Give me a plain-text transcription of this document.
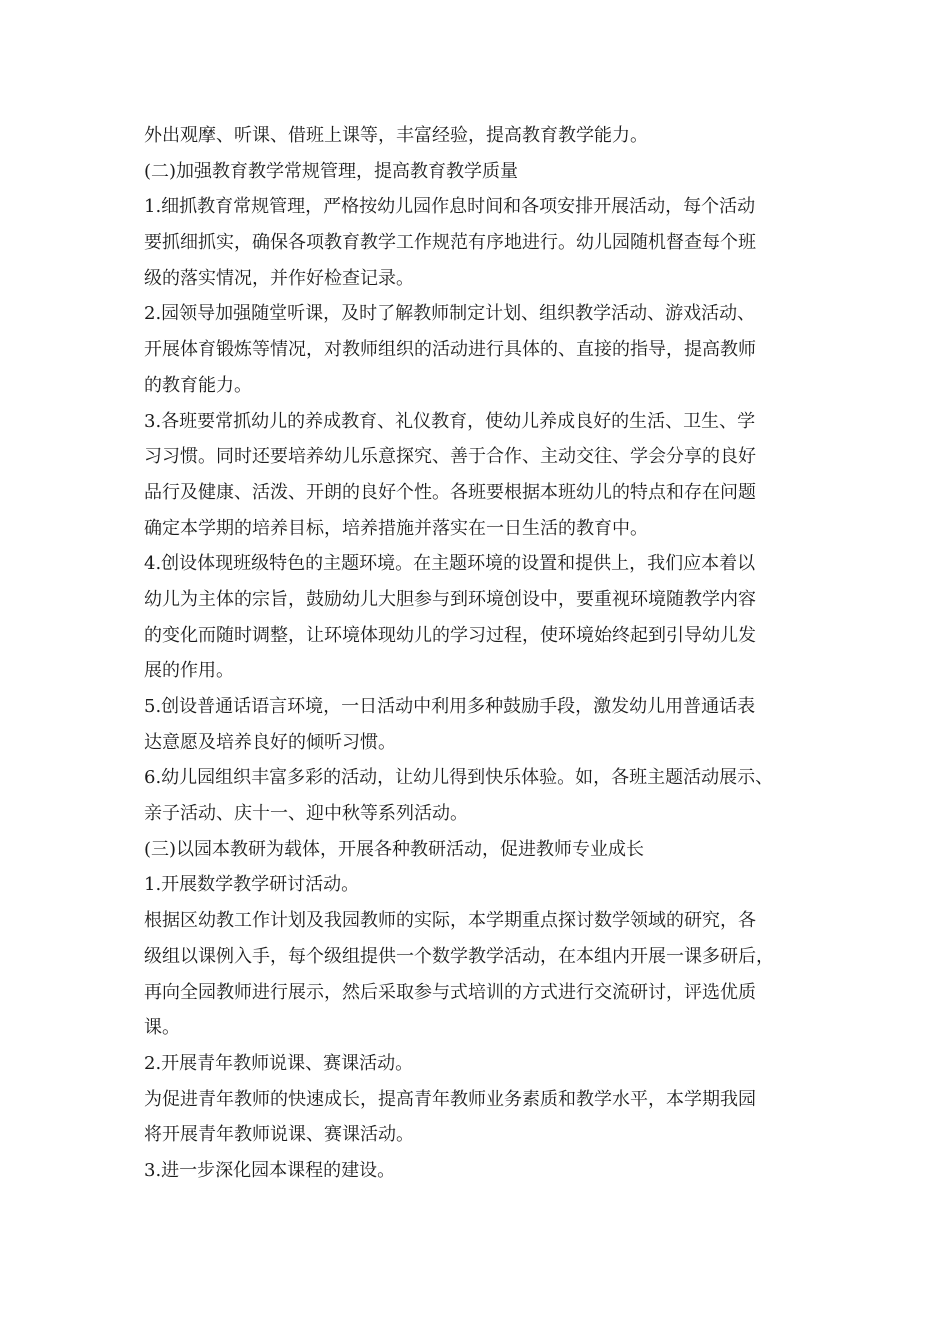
外出观摩、听课、借班上课等，丰富经验，提高教育教学能力。
(二)加强教育教学常规管理，提高教育教学质量
1.细抓教育常规管理，严格按幼儿园作息时间和各项安排开展活动，每个活动
要抓细抓实，确保各项教育教学工作规范有序地进行。幼儿园随机督查每个班
级的落实情况，并作好检查记录。
2.园领导加强随堂听课，及时了解教师制定计划、组织教学活动、游戏活动、
开展体育锻炼等情况，对教师组织的活动进行具体的、直接的指导，提高教师
的教育能力。
3.各班要常抓幼儿的养成教育、礼仪教育，使幼儿养成良好的生活、卫生、学
习习惯。同时还要培养幼儿乐意探究、善于合作、主动交往、学会分享的良好
品行及健康、活泼、开朗的良好个性。各班要根据本班幼儿的特点和存在问题
确定本学期的培养目标，培养措施并落实在一日生活的教育中。
4.创设体现班级特色的主题环境。在主题环境的设置和提供上，我们应本着以
幼儿为主体的宗旨，鼓励幼儿大胆参与到环境创设中，要重视环境随教学内容
的变化而随时调整，让环境体现幼儿的学习过程，使环境始终起到引导幼儿发
展的作用。
5.创设普通话语言环境，一日活动中利用多种鼓励手段，激发幼儿用普通话表
达意愿及培养良好的倾听习惯。
6.幼儿园组织丰富多彩的活动，让幼儿得到快乐体验。如，各班主题活动展示、
亲子活动、庆十一、迎中秋等系列活动。
(三)以园本教研为载体，开展各种教研活动，促进教师专业成长
1.开展数学教学研讨活动。
根据区幼教工作计划及我园教师的实际，本学期重点探讨数学领域的研究，各
级组以课例入手，每个级组提供一个数学教学活动，在本组内开展一课多研后，
再向全园教师进行展示，然后采取参与式培训的方式进行交流研讨，评选优质
课。
2.开展青年教师说课、赛课活动。
为促进青年教师的快速成长，提高青年教师业务素质和教学水平，本学期我园
将开展青年教师说课、赛课活动。
3.进一步深化园本课程的建设。
